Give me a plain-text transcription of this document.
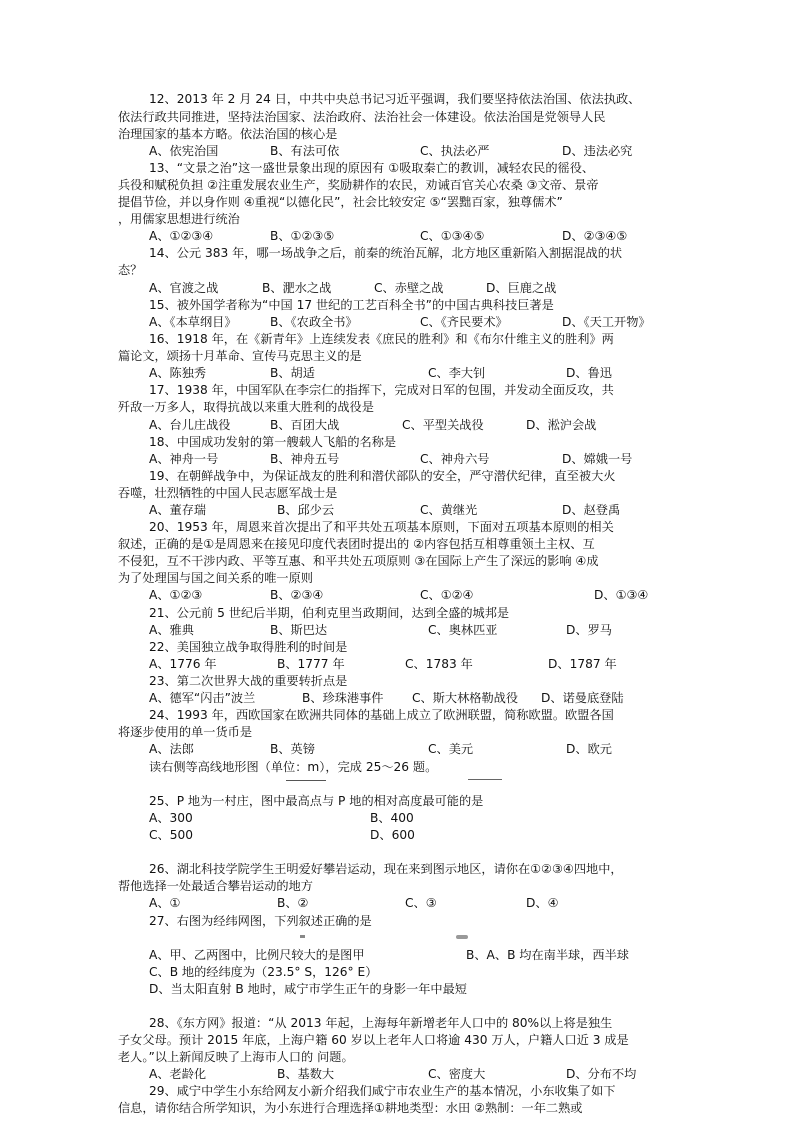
12、2013 年 2 月 24 日，中共中央总书记习近平强调，我们要坚持依法治国、依法执政、
依法行政共同推进，坚持法治国家、法治政府、法治社会一体建设。依法治国是党领导人民
治理国家的基本方略。依法治国的核心是
13、“文景之治”这一盛世景象出现的原因有 ①吸取秦亡的教训，减轻农民的徭役、
兵役和赋税负担 ②注重发展农业生产，奖励耕作的农民，劝诫百官关心农桑 ③文帝、景帝
提倡节俭，并以身作则 ④重视“以德化民”，社会比较安定 ⑤“罢黜百家，独尊儒术”
，用儒家思想进行统治
14、公元 383 年，哪一场战争之后，前秦的统治瓦解，北方地区重新陷入割据混战的状
态？
15、被外国学者称为“中国 17 世纪的工艺百科全书”的中国古典科技巨著是
16、1918 年，在《新青年》上连续发表《庶民的胜利》和《布尔什维主义的胜利》两
篇论文，颂扬十月革命、宣传马克思主义的是
17、1938 年，中国军队在李宗仁的指挥下，完成对日军的包围，并发动全面反攻，共
歼敌一万多人，取得抗战以来重大胜利的战役是
18、中国成功发射的第一艘载人飞船的名称是
19、在朝鲜战争中，为保证战友的胜利和潜伏部队的安全，严守潜伏纪律，直至被大火
吞噬，壮烈牺牲的中国人民志愿军战士是
20、1953 年，周恩来首次提出了和平共处五项基本原则，下面对五项基本原则的相关
叙述，正确的是①是周恩来在接见印度代表团时提出的 ②内容包括互相尊重领土主权、互
不侵犯，互不干涉内政、平等互惠、和平共处五项原则 ③在国际上产生了深远的影响 ④成
为了处理国与国之间关系的唯一原则
21、公元前 5 世纪后半期，伯利克里当政期间，达到全盛的城邦是
22、美国独立战争取得胜利的时间是
23、第二次世界大战的重要转折点是
24、1993 年，西欧国家在欧洲共同体的基础上成立了欧洲联盟，简称欧盟。欧盟各国
将逐步使用的单一货币是
读右侧等高线地形图（单位：m），完成 25～26 题。
25、P 地为一村庄，图中最高点与 P 地的相对高度最可能的是
26、湖北科技学院学生王明爱好攀岩运动，现在来到图示地区，请你在①②③④四地中，
帮他选择一处最适合攀岩运动的地方
27、右图为经纬网图，下列叙述正确的是
28、《东方网》报道：“从 2013 年起，上海每年新增老年人口中的 80%以上将是独生
子女父母。预计 2015 年底，上海户籍 60 岁以上老年人口将逾 430 万人，户籍人口近 3 成是
老人。”以上新闻反映了上海市人口的 问题。
29、咸宁中学生小东给网友小新介绍我们咸宁市农业生产的基本情况，小东收集了如下
信息，请你结合所学知识，为小东进行合理选择①耕地类型：水田 ②熟制：一年二熟或
A、依宪治国	B、有法可依	C、执法必严	D、违法必究
A、①②③④	B、①②③⑤	C、①③④⑤	D、②③④⑤
A、官渡之战	B、淝水之战	C、赤壁之战	D、巨鹿之战
A、《本草纲目》	B、《农政全书》	C、《齐民要术》	D、《天工开物》
A、陈独秀	B、胡适	C、李大钊	D、鲁迅
A、台儿庄战役	B、百团大战	C、平型关战役	D、淞沪会战
A、神舟一号	B、神舟五号	C、神舟六号	D、嫦娥一号
A、董存瑞	B、邱少云	C、黄继光	D、赵登禹
A、①②③	B、②③④	C、①②④	D、①③④
A、雅典	B、斯巴达	C、奥林匹亚	D、罗马
A、1776 年	B、1777 年	C、1783 年	D、1787 年
A、德军“闪击”波兰	B、珍珠港事件 C、斯大林格勒战役 D、诺曼底登陆
A、法郎	B、英镑	C、美元	D、欧元
A、300	B、400
C、500	D、600
A、①	B、②	C、③	D、④
A、甲、乙两图中，比例尺较大的是图甲	B、A、B 均在南半球，西半球
C、B 地的经纬度为（23.5° S，126° E）
D、当太阳直射 B 地时，咸宁市学生正午的身影一年中最短
A、老龄化	B、基数大	C、密度大	D、分布不均
